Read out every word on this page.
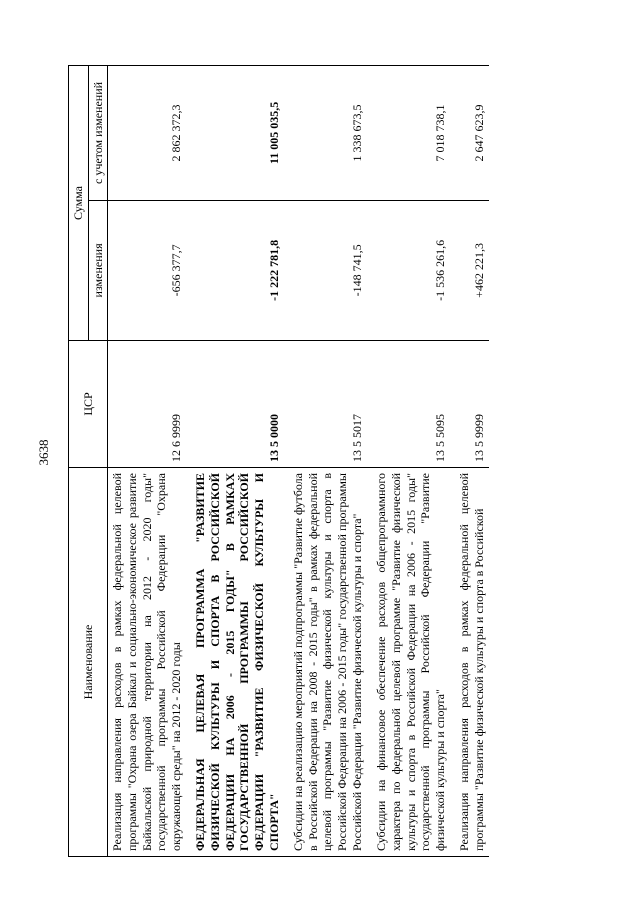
3638
Наименование	ЦСР	Сумма	
		изменения	с учетом изменений
Реализация направления расходов в рамках федеральной целевой программы "Охрана озера Байкал и социально-экономическое развитие Байкальской природной территории на 2012 - 2020 годы" государственной программы Российской Федерации "Охрана окружающей среды" на 2012 - 2020 годы	12 6 9999	-656 377,7	2 862 372,3

ФЕДЕРАЛЬНАЯ ЦЕЛЕВАЯ ПРОГРАММА "РАЗВИТИЕ ФИЗИЧЕСКОЙ КУЛЬТУРЫ И СПОРТА В РОССИЙСКОЙ ФЕДЕРАЦИИ НА 2006 - 2015 ГОДЫ" В РАМКАХ ГОСУДАРСТВЕННОЙ ПРОГРАММЫ РОССИЙСКОЙ ФЕДЕРАЦИИ "РАЗВИТИЕ ФИЗИЧЕСКОЙ КУЛЬТУРЫ И СПОРТА"	13 5 0000	-1 222 781,8	11 005 035,5

Субсидии на реализацию мероприятий подпрограммы "Развитие футбола в Российской Федерации на 2008 - 2015 годы" в рамках федеральной целевой программы "Развитие физической культуры и спорта в Российской Федерации на 2006 - 2015 годы" государственной программы Российской Федерации "Развитие физической культуры и спорта"	13 5 5017	-148 741,5	1 338 673,5

Субсидии на финансовое обеспечение расходов общепрограммного характера по федеральной целевой программе "Развитие физической культуры и спорта в Российской Федерации на 2006 - 2015 годы" государственной программы Российской Федерации "Развитие физической культуры и спорта"	13 5 5095	-1 536 261,6	7 018 738,1

Реализация направления расходов в рамках федеральной целевой программы "Развитие физической культуры и спорта в Российской	13 5 9999	+462 221,3	2 647 623,9
